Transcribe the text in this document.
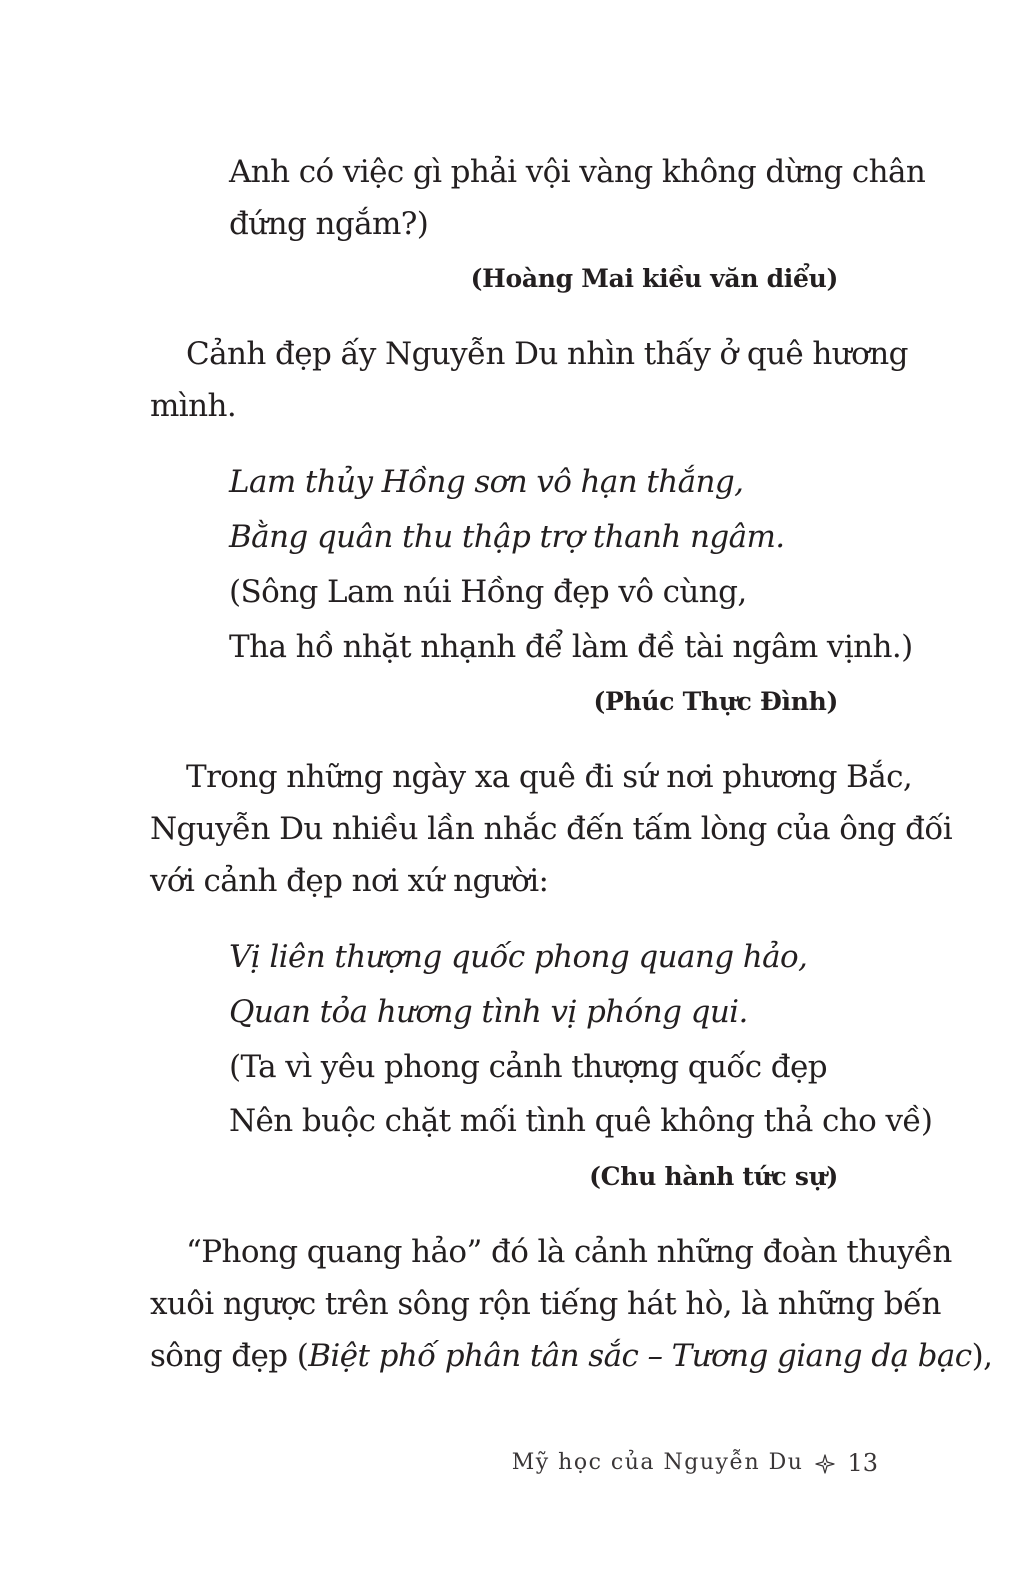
Anh có việc gì phải vội vàng không dừng chân
đứng ngắm?)
(Hoàng Mai kiều văn diểu)
Cảnh đẹp ấy Nguyễn Du nhìn thấy ở quê hương
mình.
Lam thủy Hồng sơn vô hạn thắng,
Bằng quân thu thập trợ thanh ngâm.
(Sông Lam núi Hồng đẹp vô cùng,
Tha hồ nhặt nhạnh để làm đề tài ngâm vịnh.)
(Phúc Thực Đình)
Trong những ngày xa quê đi sứ nơi phương Bắc,
Nguyễn Du nhiều lần nhắc đến tấm lòng của ông đối
với cảnh đẹp nơi xứ người:
Vị liên thượng quốc phong quang hảo,
Quan tỏa hương tình vị phóng qui.
(Ta vì yêu phong cảnh thượng quốc đẹp
Nên buộc chặt mối tình quê không thả cho về)
(Chu hành tức sự)
“Phong quang hảo” đó là cảnh những đoàn thuyền
xuôi ngược trên sông rộn tiếng hát hò, là những bến
sông đẹp (Biệt phố phân tân sắc – Tương giang dạ bạc),
Mỹ học của Nguyễn Du 13
